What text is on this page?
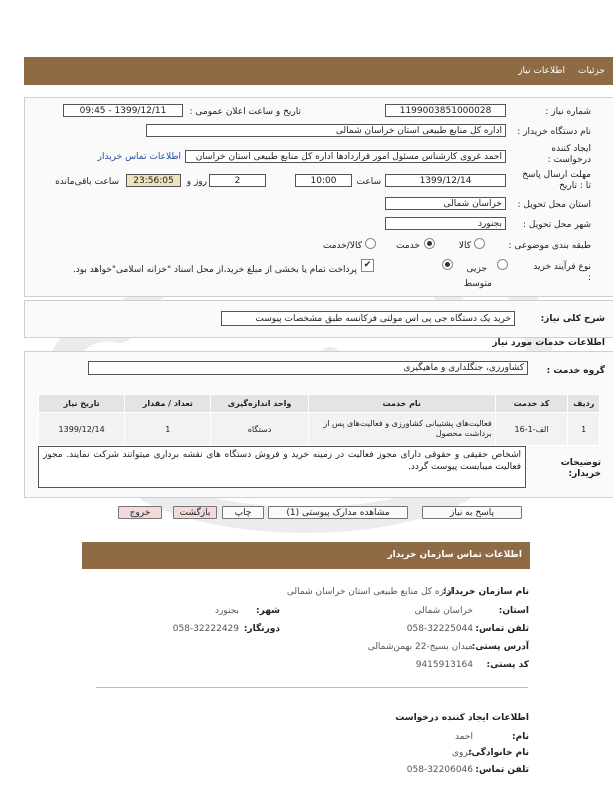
جزئیات
اطلاعات نیاز
شماره نیاز :
1199003851000028
تاریخ و ساعت اعلان عمومی :
1399/12/11 - 09:45
نام دستگاه خریدار :
اداره کل منابع طبیعی استان خراسان شمالی
ایجاد کننده درخواست :
احمد غروی کارشناس مسئول امور قراردادها اداره کل منابع طبیعی استان خراسان
اطلاعات تماس خریدار
مهلت ارسال پاسخ تا : تاریخ
1399/12/14
ساعت
10:00
2
روز و
23:56:05
ساعت باقی‌مانده
استان محل تحویل :
خراسان شمالی
شهر محل تحویل :
بجنورد
طبقه بندی موضوعی :
کالا
خدمت
کالا/خدمت
نوع فرآیند خرید :
جزیی
متوسط
✔
پرداخت تمام یا بخشی از مبلغ خرید،از محل اسناد "خزانه اسلامی"خواهد بود.
شرح کلی نیاز:
خرید یک دستگاه جی پی اس مولتی فرکانسه طبق مشخصات پیوست
اطلاعات خدمات مورد نیاز
گروه خدمت :
کشاورزی، جنگلداری و ماهیگیری
ردیف	کد خدمت	نام خدمت	واحد اندازه‌گیری	تعداد / مقدار	تاریخ نیاز
1	الف-1-16	فعالیت‌های پشتیبانی کشاورزی و فعالیت‌های پس از برداشت محصول	دستگاه	1	1399/12/14
توضیحات خریدار:
اشخاص حقیقی و حقوقی دارای مجوز فعالیت در زمینه خرید و فروش دستگاه های نقشه برداری میتوانند شرکت نمایند. مجوز فعالیت میبایست پیوست گردد.
پاسخ به نیاز
مشاهده مدارک پیوستی (1)
چاپ
بازگشت
خروج
اطلاعات تماس سازمان خریدار
نام سازمان خریدار:
اداره کل منابع طبیعی استان خراسان شمالی
استان:
خراسان شمالی
شهر:
بجنورد
تلفن تماس:
058-32225044
دورنگار:
058-32222429
آدرس پستی:
میدان بسیج-22 بهمن‌شمالی
کد پستی:
9415913164
اطلاعات ایجاد کننده درخواست
نام:
احمد
نام خانوادگی:
غروی
تلفن تماس:
058-32206046
